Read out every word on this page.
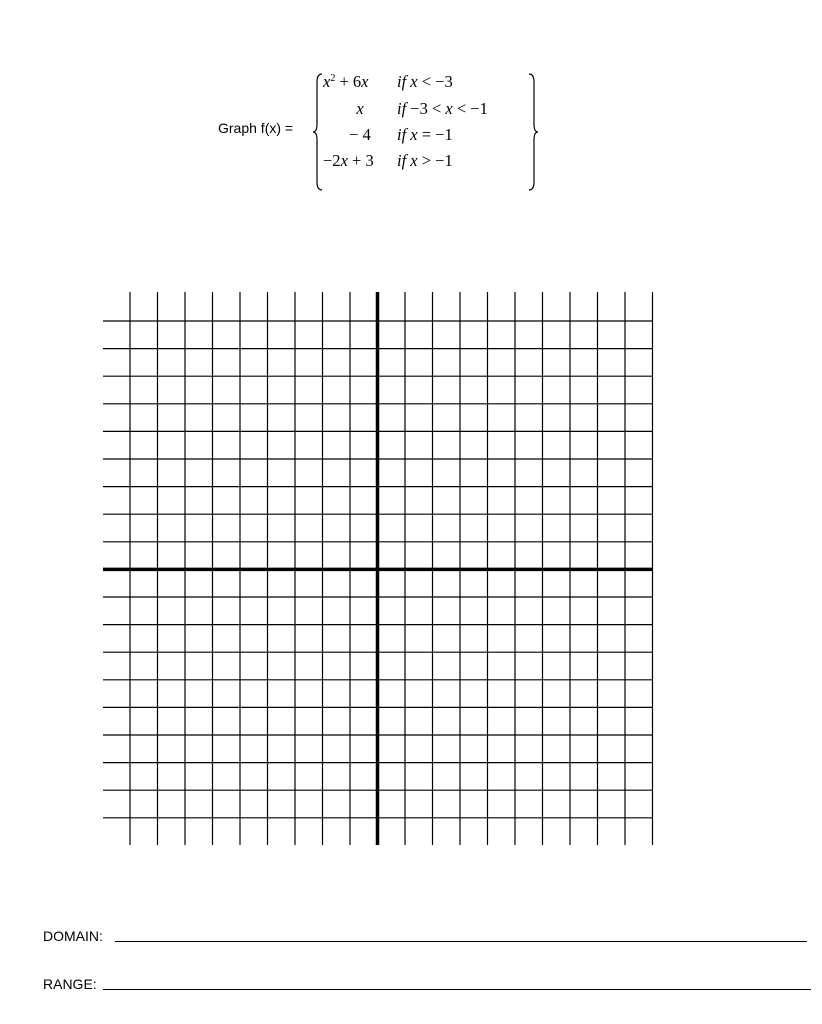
Graph f(x) =
$x^2 + 6x$ if x < −3
x if −3 < x < −1
− 4 if x = −1
−2x + 3 if x > −1
DOMAIN:
RANGE:
